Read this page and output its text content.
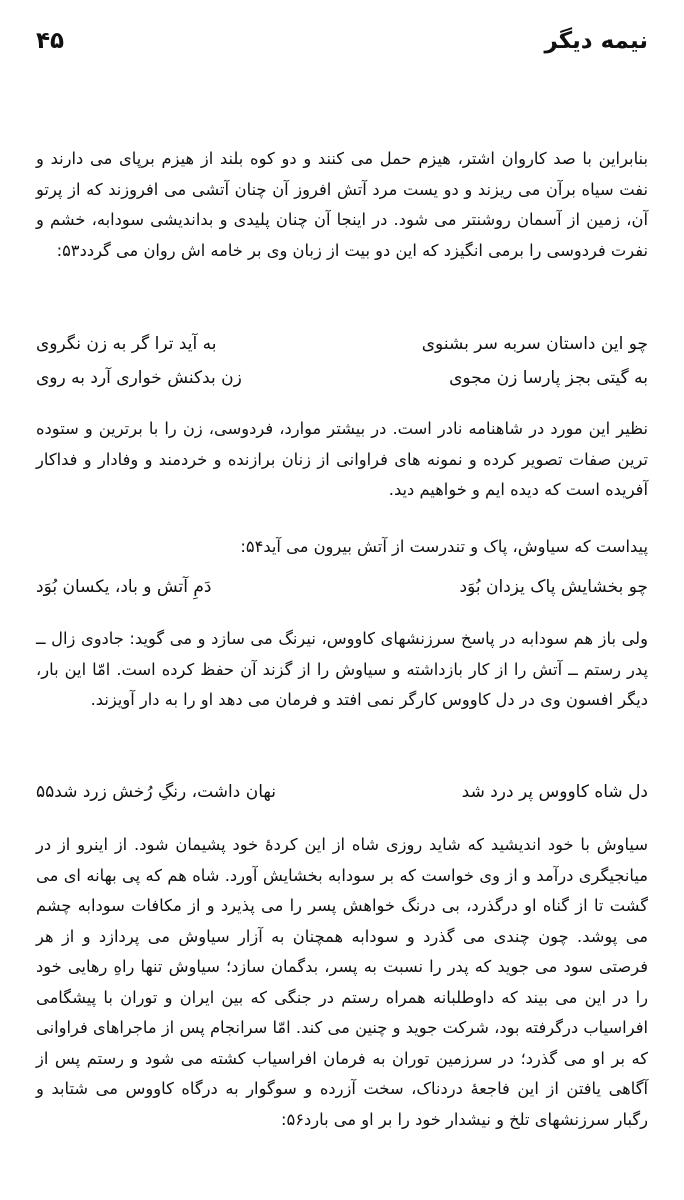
نیمه دیگر
۴۵
بنابراین با صد کاروان اشتر، هیزم حمل می کنند و دو کوه بلند از هیزم برپای می دارند و نفت سیاه برآن می ریزند و دو یست مرد آتش افروز آن چنان آتشی می افروزند که از پرتو آن، زمین از آسمان روشنتر می شود. در اینجا آن چنان پلیدی و بداندیشی سودابه، خشم و نفرت فردوسی را برمی انگیزد که این دو بیت از زبان وی بر خامه اش روان می گردد۵۳:
چو این داستان سربه سر بشنوی
به آید ترا گر به زن نگروی
به گیتی بجز پارسا زن مجوی
زن بدکنش خواری آرد به روی
نظیر این مورد در شاهنامه نادر است. در بیشتر موارد، فردوسی، زن را با برترین و ستوده ترین صفات تصویر کرده و نمونه های فراوانی از زنان برازنده و خردمند و وفادار و فداکار آفریده است که دیده ایم و خواهیم دید.
پیداست که سیاوش، پاک و تندرست از آتش بیرون می آید۵۴:
چو بخشایش پاک یزدان بُوَد
دَمِ آتش و باد، یکسان بُوَد
ولی باز هم سودابه در پاسخ سرزنشهای کاووس، نیرنگ می سازد و می گوید: جادوی زال ــ پدر رستم ــ آتش را از کار بازداشته و سیاوش را از گزند آن حفظ کرده است. امّا این بار، دیگر افسون وی در دل کاووس کارگر نمی افتد و فرمان می دهد او را به دار آویزند.
دل شاه کاووس پر درد شد
نهان داشت، رنگِ رُخش زرد شد۵۵
سیاوش با خود اندیشید که شاید روزی شاه از این کردهٔ خود پشیمان شود. از اینرو از در میانجیگری درآمد و از وی خواست که بر سودابه بخشایش آورد. شاه هم که پی بهانه ای می گشت تا از گناه او درگذرد، بی درنگ خواهش پسر را می پذیرد و از مکافات سودابه چشم می پوشد. چون چندی می گذرد و سودابه همچنان به آزار سیاوش می پردازد و از هر فرصتی سود می جوید که پدر را نسبت به پسر، بدگمان سازد؛ سیاوش تنها راهِ رهایی خود را در این می بیند که داوطلبانه همراه رستم در جنگی که بین ایران و توران با پیشگامی افراسیاب درگرفته بود، شرکت جوید و چنین می کند. امّا سرانجام پس از ماجراهای فراوانی که بر او می گذرد؛ در سرزمین توران به فرمان افراسیاب کشته می شود و رستم پس از آگاهی یافتن از این فاجعهٔ دردناک، سخت آزرده و سوگوار به درگاه کاووس می شتابد و رگبار سرزنشهای تلخ و نیشدار خود را بر او می بارد۵۶:
